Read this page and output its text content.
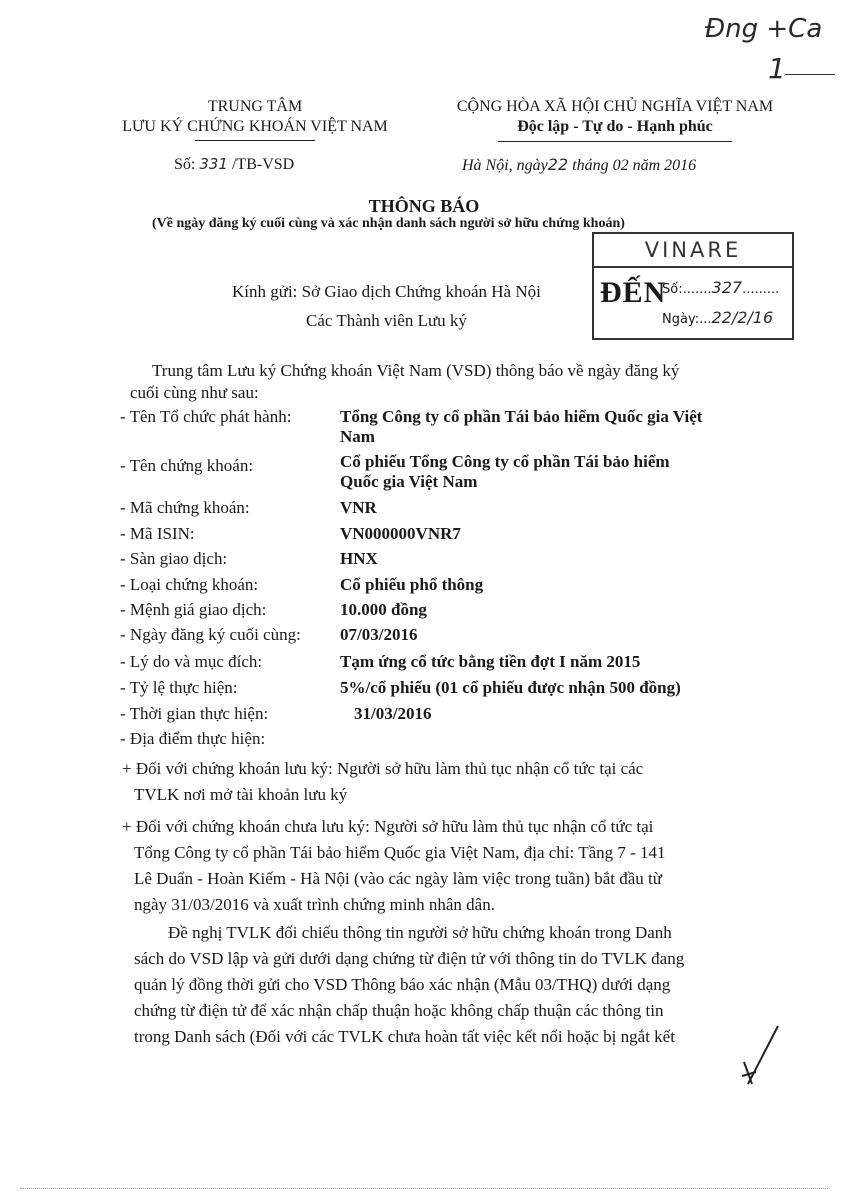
Đng +Ca
1
TRUNG TÂM
LƯU KÝ CHỨNG KHOÁN VIỆT NAM
Số: 331 /TB-VSD
CỘNG HÒA XÃ HỘI CHỦ NGHĨA VIỆT NAM
Độc lập - Tự do - Hạnh phúc
Hà Nội, ngày22 tháng 02 năm 2016
THÔNG BÁO
(Về ngày đăng ký cuối cùng và xác nhận danh sách người sở hữu chứng khoán)
Kính gửi: Sở Giao dịch Chứng khoán Hà Nội
Các Thành viên Lưu ký
VINARE
ĐẾN
Số:.......327.........
Ngày:...22/2/16
Trung tâm Lưu ký Chứng khoán Việt Nam (VSD) thông báo về ngày đăng ký
cuối cùng như sau:
- Tên Tổ chức phát hành:	Tổng Công ty cổ phần Tái bảo hiểm Quốc gia Việt
Nam
- Tên chứng khoán:	Cổ phiếu Tổng Công ty cổ phần Tái bảo hiểm
Quốc gia Việt Nam
- Mã chứng khoán:	VNR
- Mã ISIN:	VN000000VNR7
- Sàn giao dịch:	HNX
- Loại chứng khoán:	Cổ phiếu phổ thông
- Mệnh giá giao dịch:	10.000 đồng
- Ngày đăng ký cuối cùng: 07/03/2016
- Lý do và mục đích:	Tạm ứng cổ tức bằng tiền đợt I năm 2015
- Tỷ lệ thực hiện:	5%/cổ phiếu (01 cổ phiếu được nhận 500 đồng)
- Thời gian thực hiện:	31/03/2016
- Địa điểm thực hiện:
+ Đối với chứng khoán lưu ký: Người sở hữu làm thủ tục nhận cổ tức tại các
TVLK nơi mở tài khoản lưu ký
+ Đối với chứng khoán chưa lưu ký: Người sở hữu làm thủ tục nhận cổ tức tại
Tổng Công ty cổ phần Tái bảo hiểm Quốc gia Việt Nam, địa chỉ: Tầng 7 - 141
Lê Duẩn - Hoàn Kiếm - Hà Nội (vào các ngày làm việc trong tuần) bắt đầu từ
ngày 31/03/2016 và xuất trình chứng minh nhân dân.
Đề nghị TVLK đối chiếu thông tin người sở hữu chứng khoán trong Danh
sách do VSD lập và gửi dưới dạng chứng từ điện tử với thông tin do TVLK đang
quản lý đồng thời gửi cho VSD Thông báo xác nhận (Mẫu 03/THQ) dưới dạng
chứng từ điện tử để xác nhận chấp thuận hoặc không chấp thuận các thông tin
trong Danh sách (Đối với các TVLK chưa hoàn tất việc kết nối hoặc bị ngắt kết
